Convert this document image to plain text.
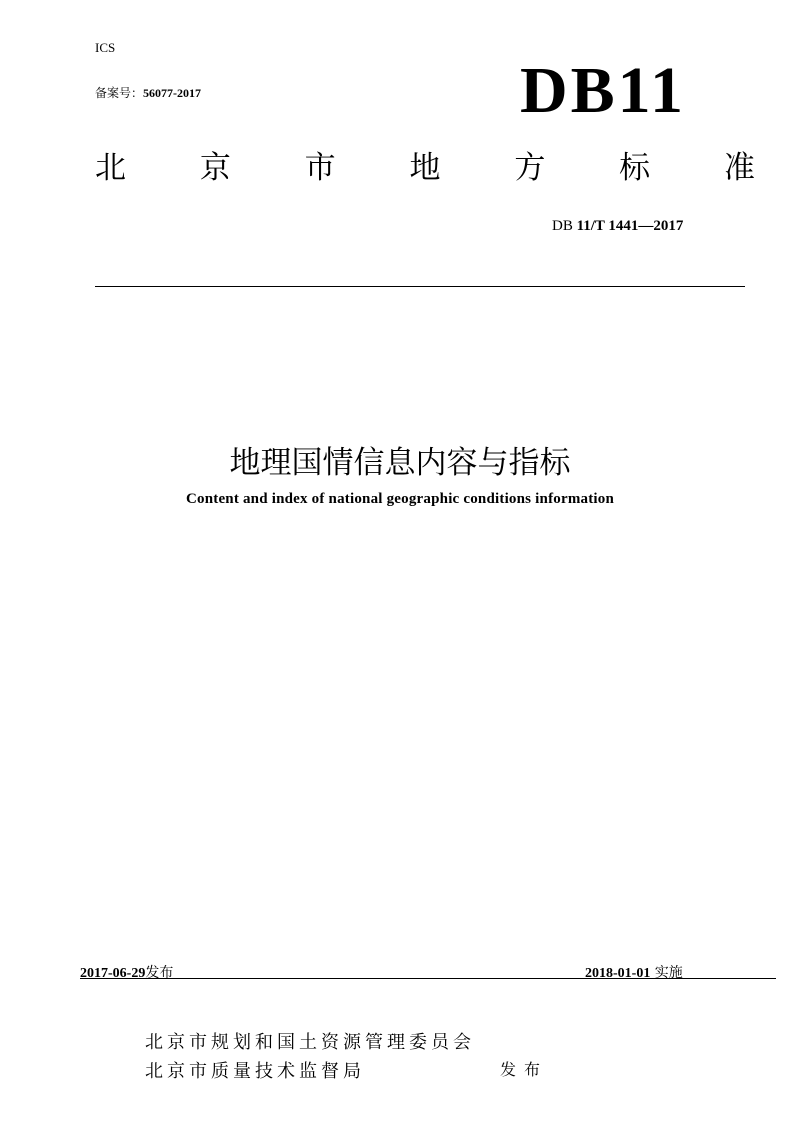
ICS
备案号：56077-2017	DB11
北 京 市 地 方 标 准
DB 11/T 1441—2017
地理国情信息内容与指标
Content and index of national geographic conditions information
2017-06-29发布	2018-01-01 实施
北京市规划和国土资源管理委员会
北京市质量技术监督局	发布
